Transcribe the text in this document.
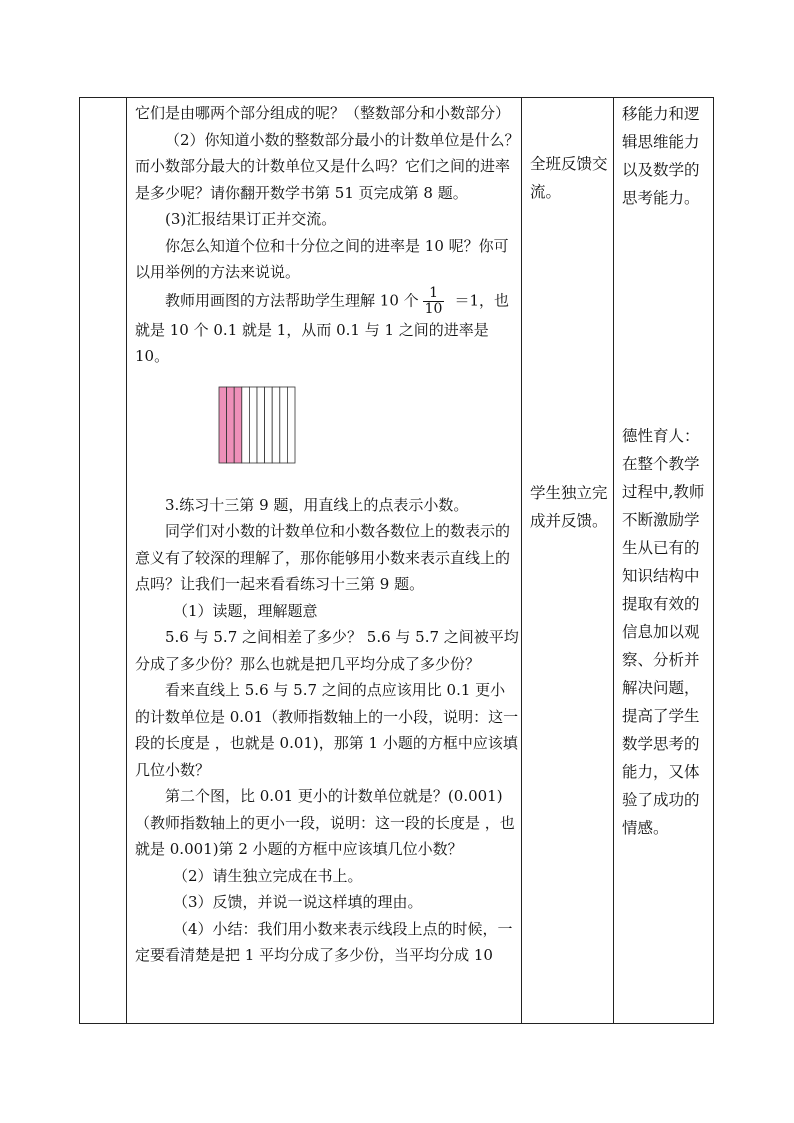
它们是由哪两个部分组成的呢？（整数部分和小数部分）

（2）你知道小数的整数部分最小的计数单位是什么？而小数部分最大的计数单位又是什么吗？它们之间的进率是多少呢？请你翻开数学书第 51 页完成第 8 题。

(3)汇报结果订正并交流。

你怎么知道个位和十分位之间的进率是 10 呢？你可以用举例的方法来说说。

教师用画图的方法帮助学生理解 10 个 $\frac{1}{10} =1$，也就是 10 个 0.1 就是 1，从而 0.1 与 1 之间的进率是 10。

3.练习十三第 9 题，用直线上的点表示小数。

同学们对小数的计数单位和小数各数位上的数表示的意义有了较深的理解了，那你能够用小数来表示直线上的点吗？让我们一起来看看练习十三第 9 题。

（1）读题，理解题意

5.6 与 5.7 之间相差了多少？ 5.6 与 5.7 之间被平均分成了多少份？那么也就是把几平均分成了多少份？

看来直线上 5.6 与 5.7 之间的点应该用比 0.1 更小的计数单位是 0.01（教师指数轴上的一小段，说明：这一段的长度是 ，也就是 0.01)，那第 1 小题的方框中应该填几位小数？

第二个图，比 0.01 更小的计数单位就是？(0.001)（教师指数轴上的更小一段，说明：这一段的长度是 ，也就是 0.001)第 2 小题的方框中应该填几位小数？

（2）请生独立完成在书上。

（3）反馈，并说一说这样填的理由。

（4）小结：我们用小数来表示线段上点的时候，一定要看清楚是把 1 平均分成了多少份，当平均分成 10

全班反馈交流。

学生独立完成并反馈。

移能力和逻辑思维能力以及数学的思考能力。

德性育人：在整个教学过程中,教师不断激励学生从已有的知识结构中提取有效的信息加以观察、分析并解决问题，提高了学生数学思考的能力，又体验了成功的情感。
